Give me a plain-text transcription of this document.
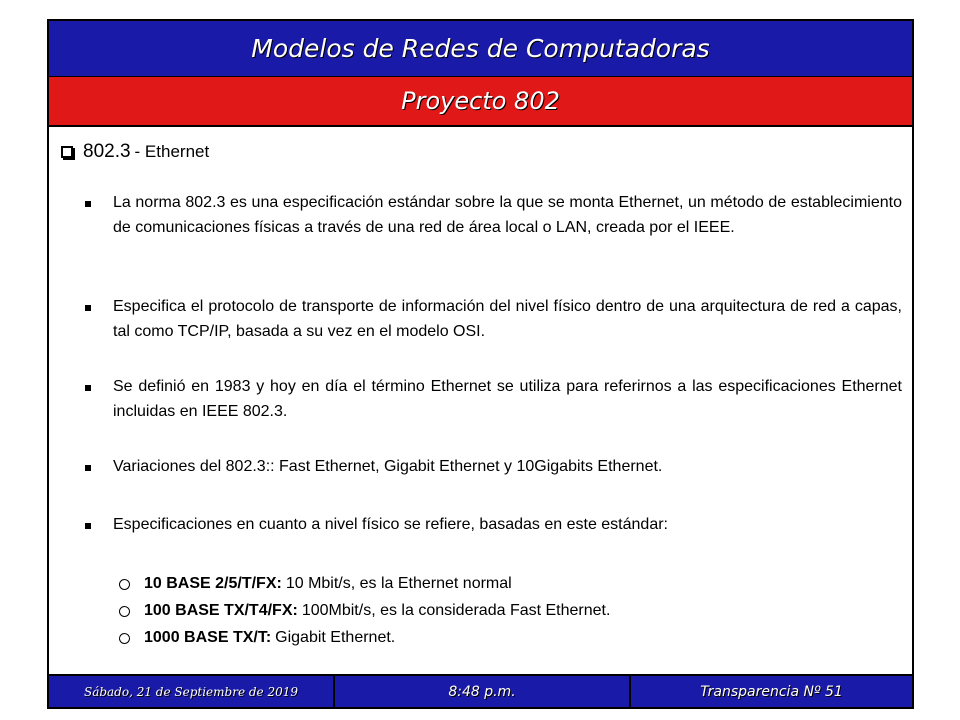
Modelos de Redes de Computadoras
Proyecto 802
802.3 - Ethernet
La norma 802.3 es una especificación estándar sobre la que se monta Ethernet, un método de establecimiento de comunicaciones físicas a través de una red de área local o LAN, creada por el IEEE.
Especifica el protocolo de transporte de información del nivel físico dentro de una arquitectura de red a capas, tal como TCP/IP, basada a su vez en el modelo OSI.
Se definió en 1983 y hoy en día el término Ethernet se utiliza para referirnos a las especificaciones Ethernet incluidas en IEEE 802.3.
Variaciones del 802.3:: Fast Ethernet, Gigabit Ethernet y 10Gigabits Ethernet.
Especificaciones en cuanto a nivel físico se refiere, basadas en este estándar:
10 BASE 2/5/T/FX: 10 Mbit/s, es la Ethernet normal
100 BASE TX/T4/FX: 100Mbit/s, es la considerada Fast Ethernet.
1000 BASE TX/T: Gigabit Ethernet.
Sábado, 21 de Septiembre de 2019	8:48 p.m.	Transparencia Nº 51
